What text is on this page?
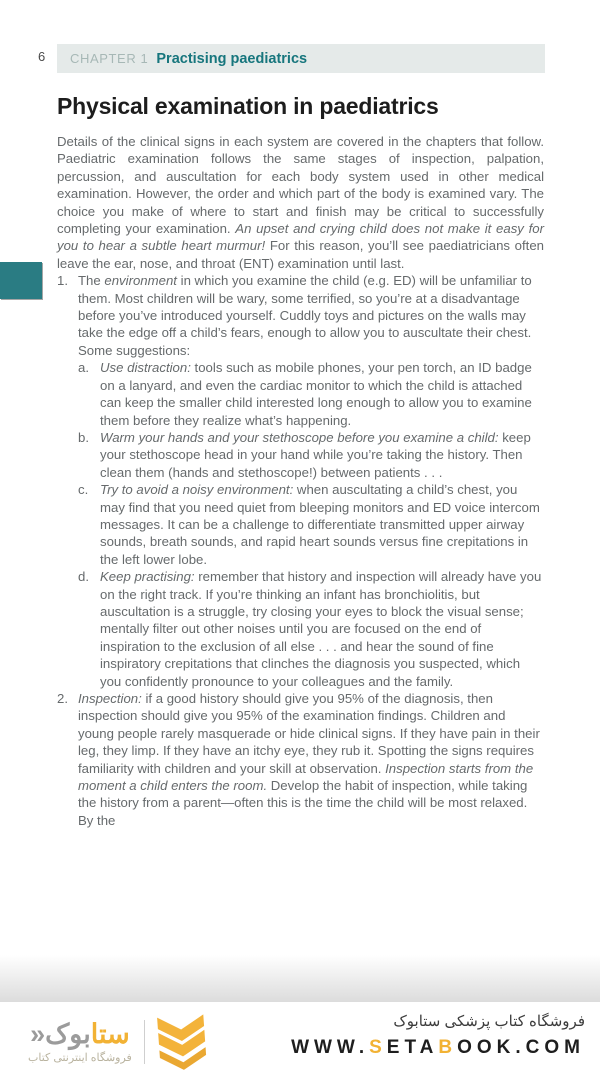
6 CHAPTER 1 Practising paediatrics
Physical examination in paediatrics

Details of the clinical signs in each system are covered in the chapters that follow. Paediatric examination follows the same stages of inspection, palpation, percussion, and auscultation for each body system used in other medical examination. However, the order and which part of the body is examined vary. The choice you make of where to start and finish may be critical to successfully completing your examination. An upset and crying child does not make it easy for you to hear a subtle heart murmur! For this reason, you’ll see paediatricians often leave the ear, nose, and throat (ENT) examination until last.

1. The environment in which you examine the child (e.g. ED) will be unfamiliar to them. Most children will be wary, some terrified, so you’re at a disadvantage before you’ve introduced yourself. Cuddly toys and pictures on the walls may take the edge off a child’s fears, enough to allow you to auscultate their chest. Some suggestions:
a. Use distraction: tools such as mobile phones, your pen torch, an ID badge on a lanyard, and even the cardiac monitor to which the child is attached can keep the smaller child interested long enough to allow you to examine them before they realize what’s happening.
b. Warm your hands and your stethoscope before you examine a child: keep your stethoscope head in your hand while you’re taking the history. Then clean them (hands and stethoscope!) between patients . . .
c. Try to avoid a noisy environment: when auscultating a child’s chest, you may find that you need quiet from bleeping monitors and ED voice intercom messages. It can be a challenge to differentiate transmitted upper airway sounds, breath sounds, and rapid heart sounds versus fine crepitations in the left lower lobe.
d. Keep practising: remember that history and inspection will already have you on the right track. If you’re thinking an infant has bronchiolitis, but auscultation is a struggle, try closing your eyes to block the visual sense; mentally filter out other noises until you are focused on the end of inspiration to the exclusion of all else . . . and hear the sound of fine inspiratory crepitations that clinches the diagnosis you suspected, which you confidently pronounce to your colleagues and the family.
2. Inspection: if a good history should give you 95% of the diagnosis, then inspection should give you 95% of the examination findings. Children and young people rarely masquerade or hide clinical signs. If they have pain in their leg, they limp. If they have an itchy eye, they rub it. Spotting the signs requires familiarity with children and your skill at observation. Inspection starts from the moment a child enters the room. Develop the habit of inspection, while taking the history from a parent—often this is the time the child will be most relaxed. By the
ستابوک«
فروشگاه اینترنتی کتاب
فروشگاه کتاب پزشکی ستابوک
WWW.SETABOOK.COM
